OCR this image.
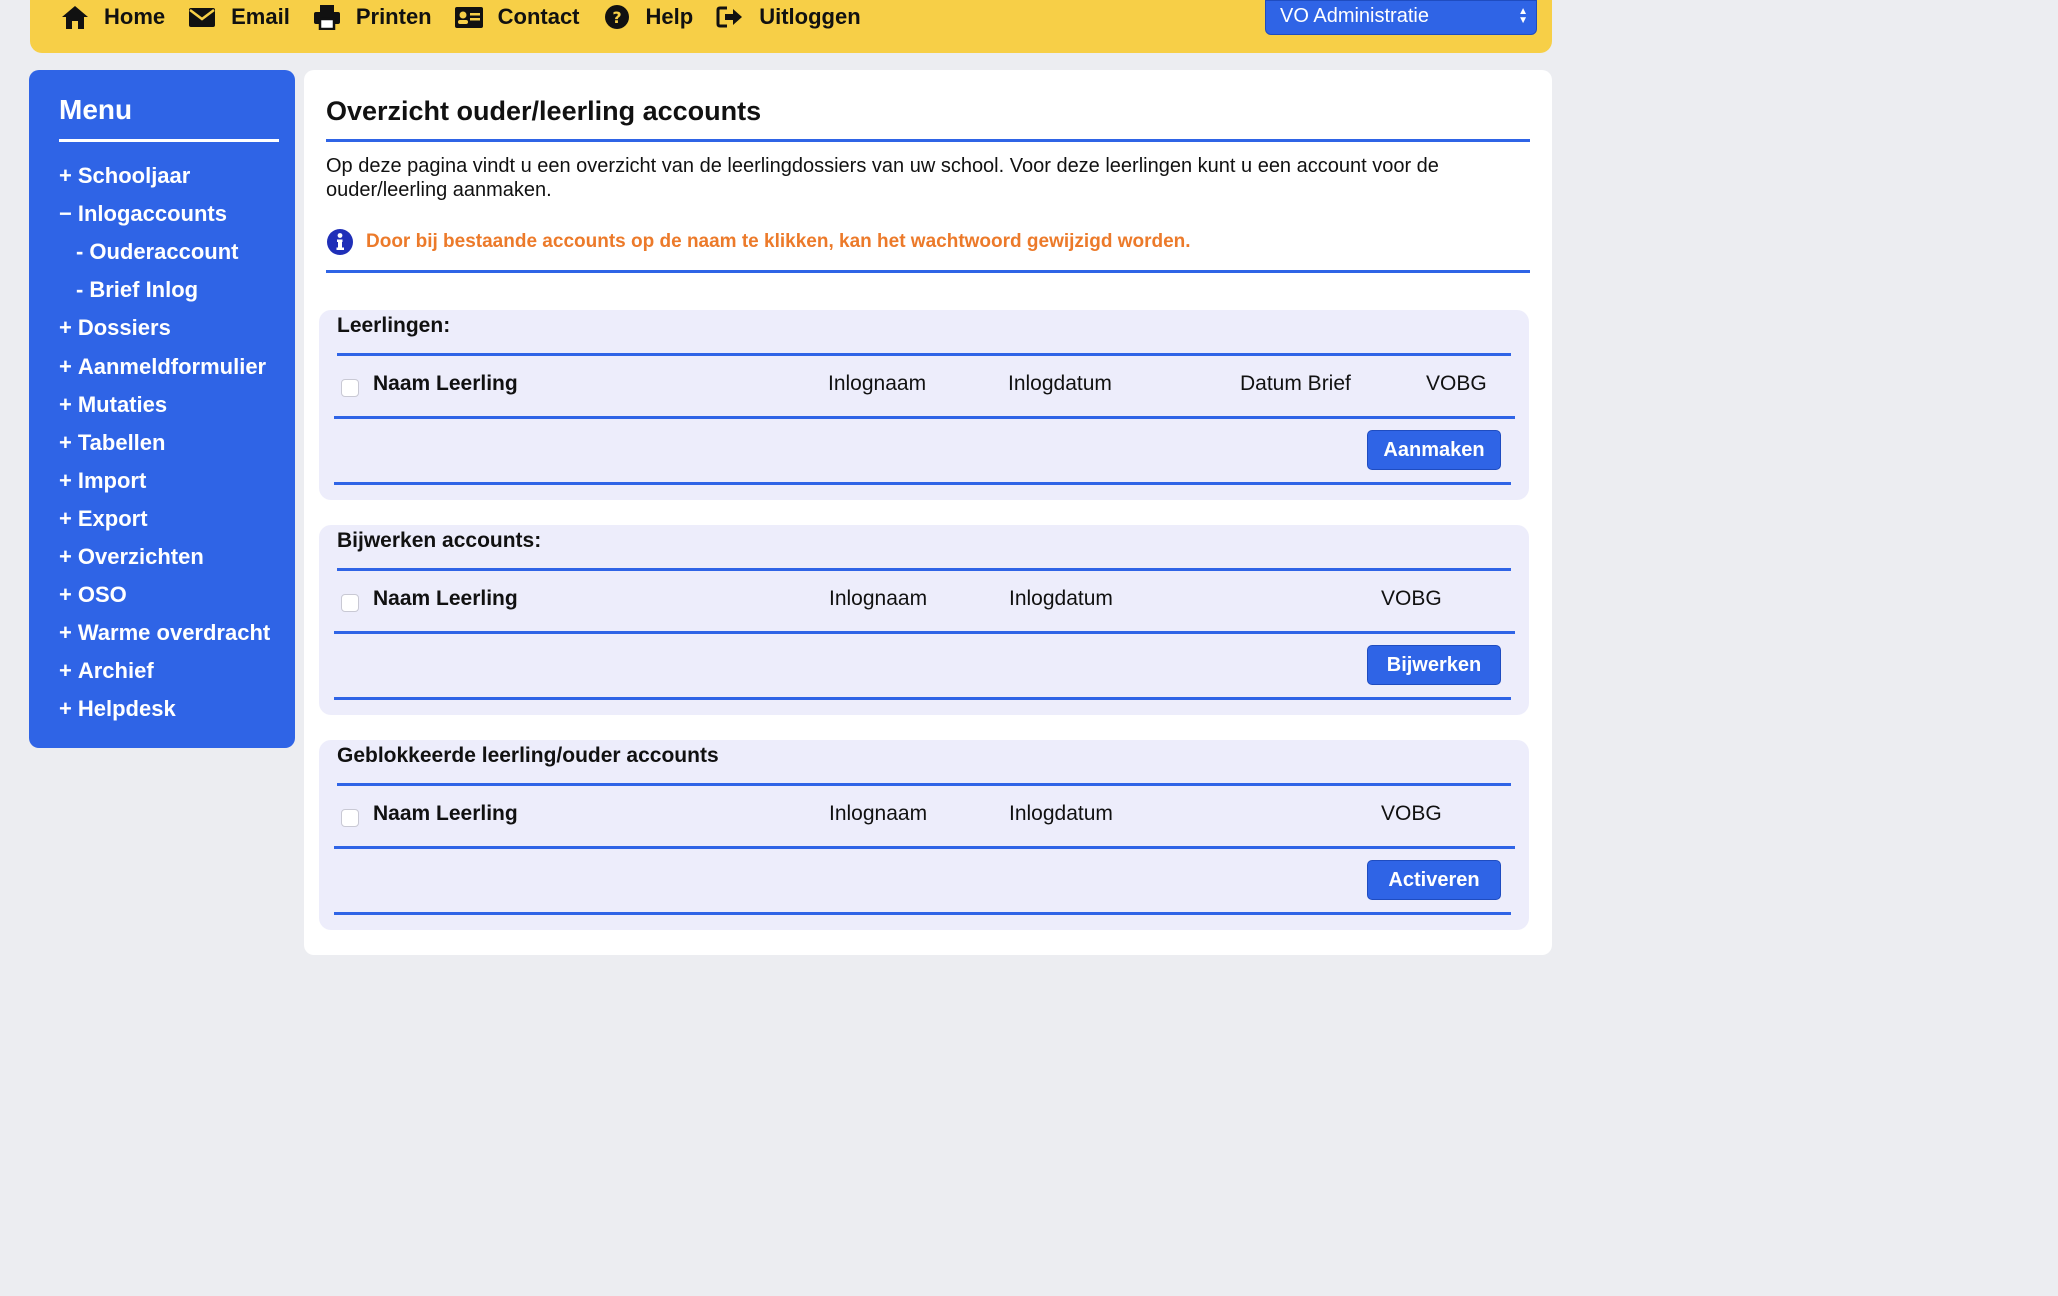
Home	Email	Printen	Contact ? Help	Uitloggen	VO Administratie	▲
▼
Menu
+ Schooljaar
− Inlogaccounts
- Ouderaccount
- Brief Inlog
+ Dossiers
+ Aanmeldformulier
+ Mutaties
+ Tabellen
+ Import
+ Export
+ Overzichten
+ OSO
+ Warme overdracht
+ Archief
+ Helpdesk
Overzicht ouder/leerling accounts
Op deze pagina vindt u een overzicht van de leerlingdossiers van uw school. Voor deze leerlingen kunt u een account voor de ouder/leerling aanmaken.
Door bij bestaande accounts op de naam te klikken, kan het wachtwoord gewijzigd worden.
Leerlingen:
Naam Leerling	Inlognaam	Inlogdatum	Datum Brief	VOBG
Aanmaken
Bijwerken accounts:
Naam Leerling	Inlognaam	Inlogdatum	VOBG
Bijwerken
Geblokkeerde leerling/ouder accounts
Naam Leerling	Inlognaam	Inlogdatum	VOBG
Activeren
